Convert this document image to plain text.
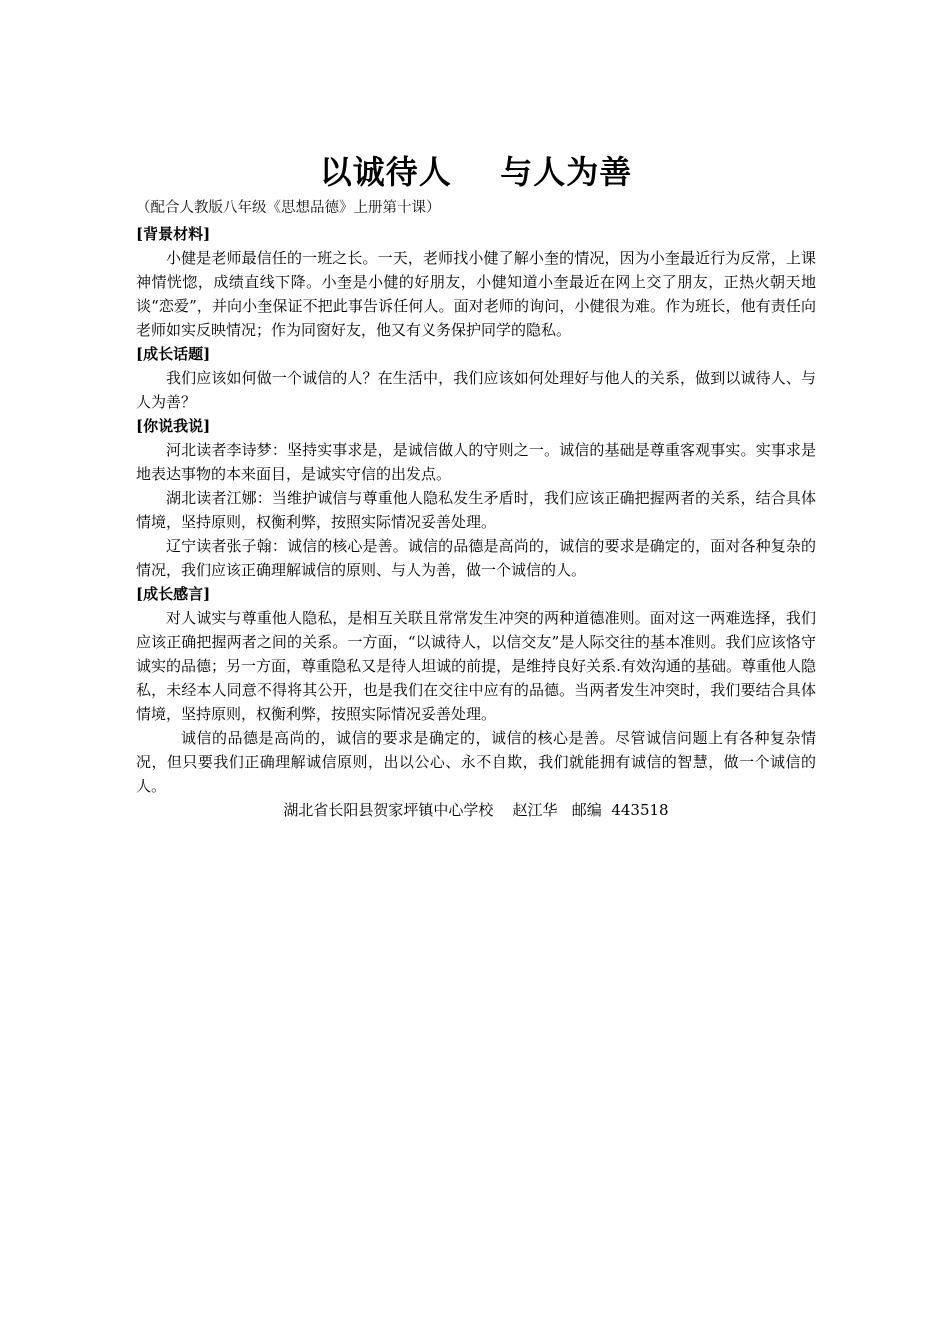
以诚待人    与人为善

（配合人教版八年级《思想品德》上册第十课）

[背景材料]

小健是老师最信任的一班之长。一天，老师找小健了解小奎的情况，因为小奎最近行为反常，上课神情恍惚，成绩直线下降。小奎是小健的好朋友，小健知道小奎最近在网上交了朋友，正热火朝天地谈“恋爱”，并向小奎保证不把此事告诉任何人。面对老师的询问，小健很为难。作为班长，他有责任向老师如实反映情况；作为同窗好友，他又有义务保护同学的隐私。

[成长话题]

我们应该如何做一个诚信的人？在生活中，我们应该如何处理好与他人的关系，做到以诚待人、与人为善？

[你说我说]

河北读者李诗梦：坚持实事求是，是诚信做人的守则之一。诚信的基础是尊重客观事实。实事求是地表达事物的本来面目，是诚实守信的出发点。

湖北读者江娜：当维护诚信与尊重他人隐私发生矛盾时，我们应该正确把握两者的关系，结合具体情境，坚持原则，权衡利弊，按照实际情况妥善处理。

辽宁读者张子翰：诚信的核心是善。诚信的品德是高尚的，诚信的要求是确定的，面对各种复杂的情况，我们应该正确理解诚信的原则、与人为善，做一个诚信的人。

[成长感言]

对人诚实与尊重他人隐私，是相互关联且常常发生冲突的两种道德准则。面对这一两难选择，我们应该正确把握两者之间的关系。一方面，“以诚待人，以信交友”是人际交往的基本准则。我们应该恪守诚实的品德；另一方面，尊重隐私又是待人坦诚的前提，是维持良好关系.有效沟通的基础。尊重他人隐私，未经本人同意不得将其公开，也是我们在交往中应有的品德。当两者发生冲突时，我们要结合具体情境，坚持原则，权衡利弊，按照实际情况妥善处理。

诚信的品德是高尚的，诚信的要求是确定的，诚信的核心是善。尽管诚信问题上有各种复杂情况，但只要我们正确理解诚信原则，出以公心、永不自欺，我们就能拥有诚信的智慧，做一个诚信的人。

湖北省长阳县贺家坪镇中心学校    赵江华   邮编  443518
